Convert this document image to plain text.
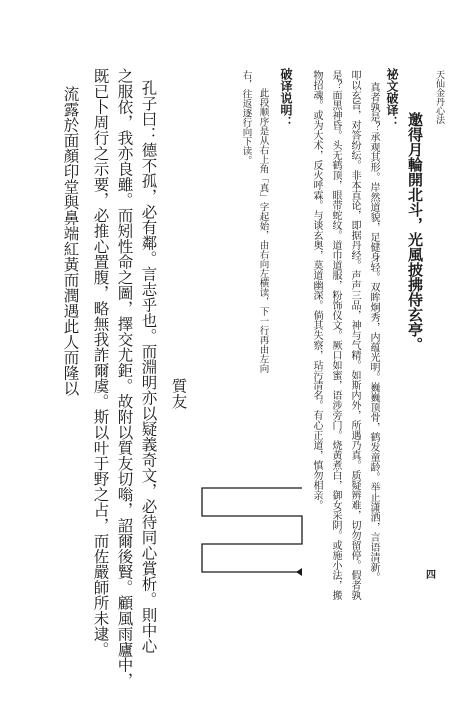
天仙金丹心法
邀得月輪開北斗，光風披拂侍玄亭。
祕文破译：
真者孰是？承观其形。岸然道貌，足健身轻。双眸炯秀，内蕴光明。巍巍顶骨，鹤发童龄。举止潇洒，言语清新。
叩以玄旨，对答纷纭。非本直论，即据丹经。声声三品，神与气精。如斯内外，所遇乃真。质疑辨难，切勿留停。假者孰
是？面黑神昏。头无鹤顶，眼带蛇纹。道巾道服，粉饰仪文。厥口如蜜，语涉旁门。烧黄煮白，御女采阴。或施小法，搬
物招魂。或为大术，反火呼霖。与谈玄奥，莫道幽深。倘其失察，玷污清名。有心正道，慎勿相亲。
破译说明：
此段顺序是从右上角「真」字起始，由右向左横读，下一行再由左向
右，往返逐行向下读。
質友
孔子曰：德不孤，必有鄰。言志乎也。而淵明亦以疑義奇文，必待同心賞析。則中心
之服依，我亦良雖。而矧性命之圖，擇交尤鉅。故附以質友切嗡，詔爾後賢。顧風雨廬中，
既已卜周行之示要，必推心置腹，略無我詐爾虞。斯以叶于野之占，而佐嚴師所未逮。
流露於面顏印堂與鼻端紅黃而潤遇此人而隆以
四
